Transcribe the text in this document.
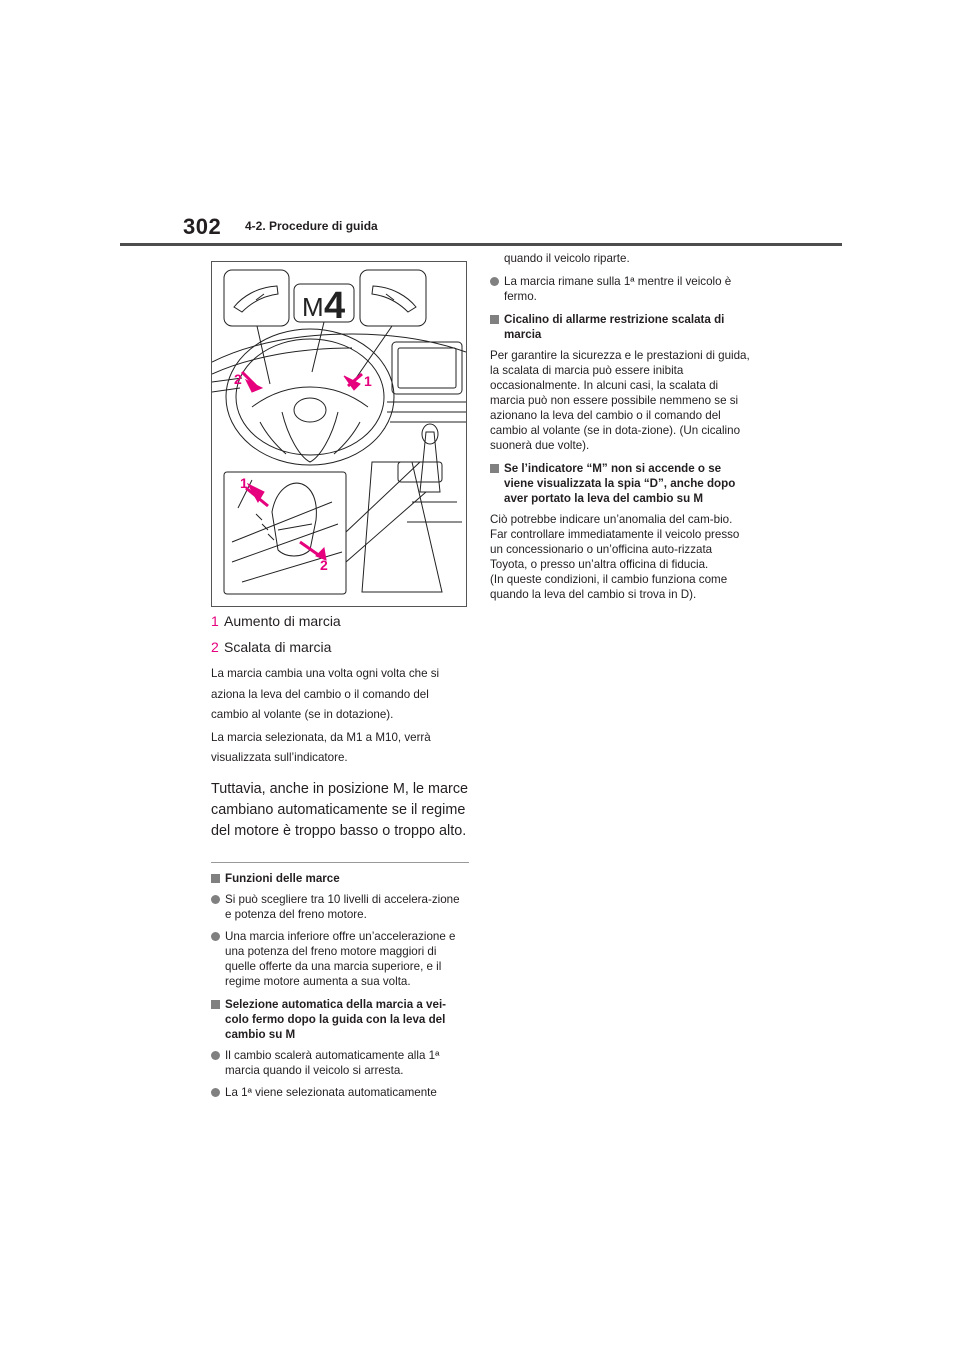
302 4-2. Procedure di guida
M 4
2	1
1
2
1 Aumento di marcia
2 Scalata di marcia

La marcia cambia una volta ogni volta che si aziona la leva del cambio o il comando del cambio al volante (se in dotazione).

La marcia selezionata, da M1 a M10, verrà visualizzata sull’indicatore.

Tuttavia, anche in posizione M, le marce cambiano automaticamente se il regime del motore è troppo basso o troppo alto.

Funzioni delle marce
Si può scegliere tra 10 livelli di accelera-zione e potenza del freno motore.
Una marcia inferiore offre un’accelerazione e una potenza del freno motore maggiori di quelle offerte da una marcia superiore, e il regime motore aumenta a sua volta.
Selezione automatica della marcia a vei-colo fermo dopo la guida con la leva del cambio su M
Il cambio scalerà automaticamente alla 1ª marcia quando il veicolo si arresta.
La 1ª viene selezionata automaticamente

quando il veicolo riparte.

La marcia rimane sulla 1ª mentre il veicolo è fermo.
Cicalino di allarme restrizione scalata di marcia

Per garantire la sicurezza e le prestazioni di guida, la scalata di marcia può essere inibita occasionalmente. In alcuni casi, la scalata di marcia può non essere possibile nemmeno se si azionano la leva del cambio o il comando del cambio al volante (se in dota-zione). (Un cicalino suonerà due volte).

Se l’indicatore “M” non si accende o se viene visualizzata la spia “D”, anche dopo aver portato la leva del cambio su M

Ciò potrebbe indicare un’anomalia del cam-bio. Far controllare immediatamente il veicolo presso un concessionario o un’officina auto-rizzata Toyota, o presso un’altra officina di fiducia.

(In queste condizioni, il cambio funziona come quando la leva del cambio si trova in D).
